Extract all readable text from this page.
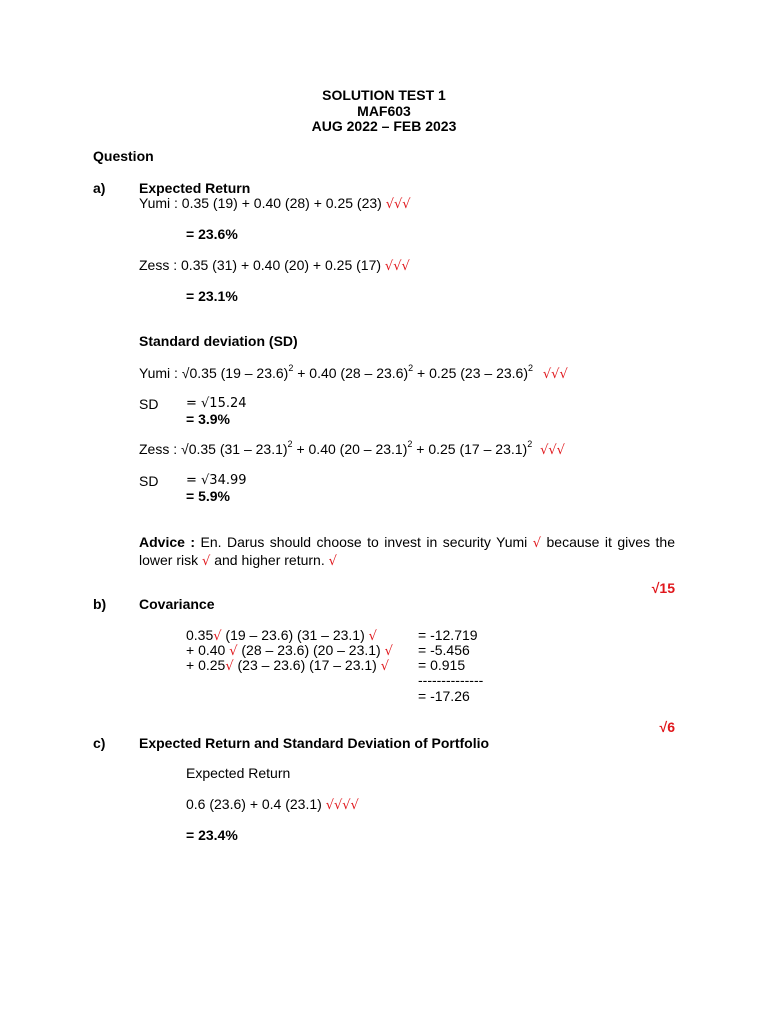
SOLUTION TEST 1
MAF603
AUG 2022 – FEB 2023
Question
a) Expected Return
Yumi : 0.35 (19) + 0.40 (28) + 0.25 (23) √√√
= 23.6%
Zess : 0.35 (31) + 0.40 (20) + 0.25 (17) √√√
= 23.1%
Standard deviation (SD)
Yumi : √0.35 (19 – 23.6)$^2$ + 0.40 (28 – 23.6)$^2$ + 0.25 (23 – 23.6)$^2$ √√√
SD = √15.24
= 3.9%
Zess : √0.35 (31 – 23.1)$^2$ + 0.40 (20 – 23.1)$^2$ + 0.25 (17 – 23.1)$^2$ √√√
SD = √34.99
= 5.9%
Advice : En. Darus should choose to invest in security Yumi √ because it gives the lower risk √ and higher return. √
√15
b) Covariance
0.35√ (19 – 23.6) (31 – 23.1) √	= -12.719
+ 0.40 √ (28 – 23.6) (20 – 23.1) √ = -5.456
+ 0.25√ (23 – 23.6) (17 – 23.1) √ = 0.915
--------------
= -17.26
√6
c) Expected Return and Standard Deviation of Portfolio
Expected Return
0.6 (23.6) + 0.4 (23.1) √√√√
= 23.4%
